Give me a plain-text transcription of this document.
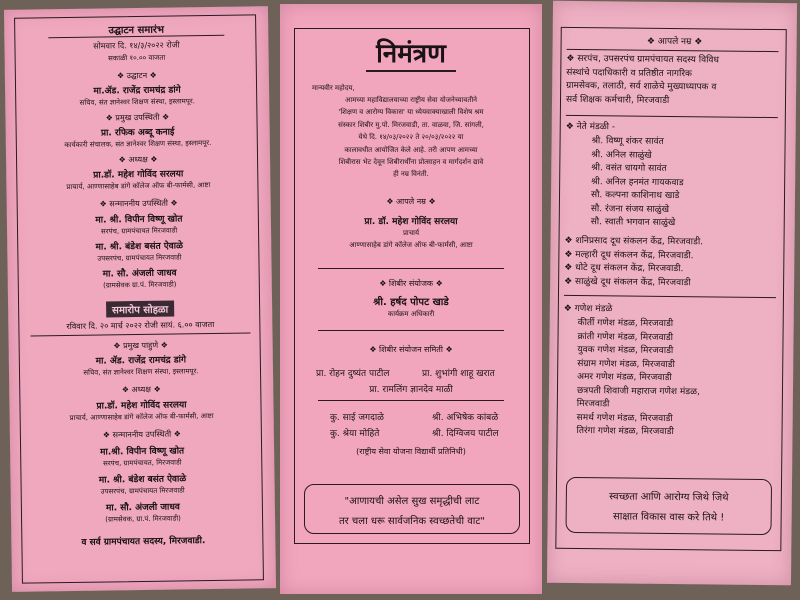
उद्घाटन समारंभ
सोमवार दि. १४/३/२०२२ रोजी
सकाळी १०.०० वाजता
❖ उद्घाटन ❖
मा.ॲड. राजेंद्र रामचंद्र डांगे
सचिव, संत ज्ञानेश्वर शिक्षण संस्था, इस्लामपूर.
❖ प्रमुख उपस्थिती ❖
प्रा. रफिक अब्दू कनाई
कार्यकारी संचालक, संत ज्ञानेश्वर शिक्षण संस्था, इस्लामपूर.
❖ अध्यक्ष ❖
प्रा.डॉ. महेश गोविंद सरलया
प्राचार्य, आण्णासाहेब डांगे कॉलेज ऑफ बी-फार्मसी, आष्टा
❖ सन्माननीय उपस्थिती ❖
मा. श्री. विपीन विष्णू खोत
सरपंच, ग्रामपंचायत मिरजवाडी
मा. श्री. बंडेश बसंत ऐवाळे
उपसरपंच, ग्रामपंचायत मिरजवाडी
मा. सौ. अंजली जाधव
(ग्रामसेवक ग्रा.पं. मिरजवाडी)
समारोप सोहळा
रविवार दि. २० मार्च २०२२ रोजी सायं. ६.०० वाजता
❖ प्रमुख पाहुणे ❖
मा. ॲड. राजेंद्र रामचंद्र डांगे
सचिव, संत ज्ञानेश्वर शिक्षण संस्था, इस्लामपूर.
❖ अध्यक्ष ❖
प्रा.डॉ. महेश गोविंद सरलया
प्राचार्य, आण्णासाहेब डांगे कॉलेज ऑफ बी-फार्मसी, आष्टा
❖ सन्माननीय उपस्थिती ❖
मा.श्री. विपीन विष्णू खोत
सरपंच, ग्रामपंचायत, मिरजवाडी
मा. श्री. बंडेश बसंत ऐवाळे
उपसरपंच, ग्रामपंचायत मिरजवाडी
मा. सौ. अंजली जाधव
(ग्रामसेवक, ग्रा.पं. मिरजवाडी)
व सर्व ग्रामपंचायत सदस्य, मिरजवाडी.
निमंत्रण
मान्यवीर महोदय,
आमच्या महाविद्यालयाच्या राष्ट्रीय सेवा योजनेच्यावतीने
'शिक्षण व आरोग्य विकास' या ध्येयवाक्याखाली विशेष श्रम
संस्कार शिबीर मु.पो. मिरजवाडी, ता. वाळवा, जि. सांगली,
येथे दि. १४/०३/२०२२ ते २०/०३/२०२२ या
कालावधीत आयोजित केले आहे. तरी आपण आमच्या
शिबीरास भेट देवून शिबीरार्थींना प्रोत्साहन व मार्गदर्शन द्यावे
ही नम्र विनंती.
❖ आपले नम्र ❖
प्रा. डॉ. महेश गोविंद सरलया
प्राचार्य
आण्णासाहेब डांगे कॉलेज ऑफ बी-फार्मसी, आष्टा
❖ शिबीर संयोजक ❖
श्री. हर्षद पोपट खाडे
कार्यक्रम अधिकारी
❖ शिबीर संयोजन समिती ❖
प्रा. रोहन दुष्यंत पाटील	प्रा. शुभांगी शाहू खरात
प्रा. रामलिंग ज्ञानदेव माळी
कु. साई जगदाळे	श्री. अभिषेक कांबळे
कु. श्रेया मोहिते	श्री. दिग्विजय पाटील
(राष्ट्रीय सेवा योजना विद्यार्थी प्रतिनिधी)
"आणायची असेल सुख समृद्धीची लाट
तर चला धरू सार्वजनिक स्वच्छतेची वाट"
❖ आपले नम्र ❖
❖ सरपंच, उपसरपंच ग्रामपंचायत सदस्य विविध
संस्थांचे पदाधिकारी व प्रतिष्ठीत नागरिक
ग्रामसेवक, तलाठी, सर्व शाळेचे मुख्याध्यापक व
सर्व शिक्षक कर्मचारी, मिरजवाडी
❖ नेते मंडळी -
श्री. विष्णू शंकर सावंत
श्री. अनिल साळुंखे
श्री. वसंत धायगो सावंत
श्री. अनिल हनमंत गायकवाड
सौ. कल्पना काशिनाथ खाडे
सौ. रंजना संजय साळुंखे
सौ. स्वाती भगवान साळुंखे
❖ शनिप्रसाद दूध संकलन केंद्र, मिरजवाडी.
❖ मल्हारी दूध संकलन केंद्र, मिरजवाडी.
❖ धोटे दूध संकलन केंद्र, मिरजवाडी.
❖ साळुंखे दूध संकलन केंद्र, मिरजवाडी
❖ गणेश मंडळे
कीर्ती गणेश मंडळ, मिरजवाडी
क्रांती गणेश मंडळ, मिरजवाडी
युवक गणेश मंडळ, मिरजवाडी
संग्राम गणेश मंडळ, मिरजवाडी
अमर गणेश मंडळ, मिरजवाडी
छत्रपती शिवाजी महाराज गणेश मंडळ,
मिरजवाडी
समर्थ गणेश मंडळ, मिरजवाडी
तिरंगा गणेश मंडळ, मिरजवाडी
स्वच्छता आणि आरोग्य जिथे जिथे
साक्षात विकास वास करे तिथे !
